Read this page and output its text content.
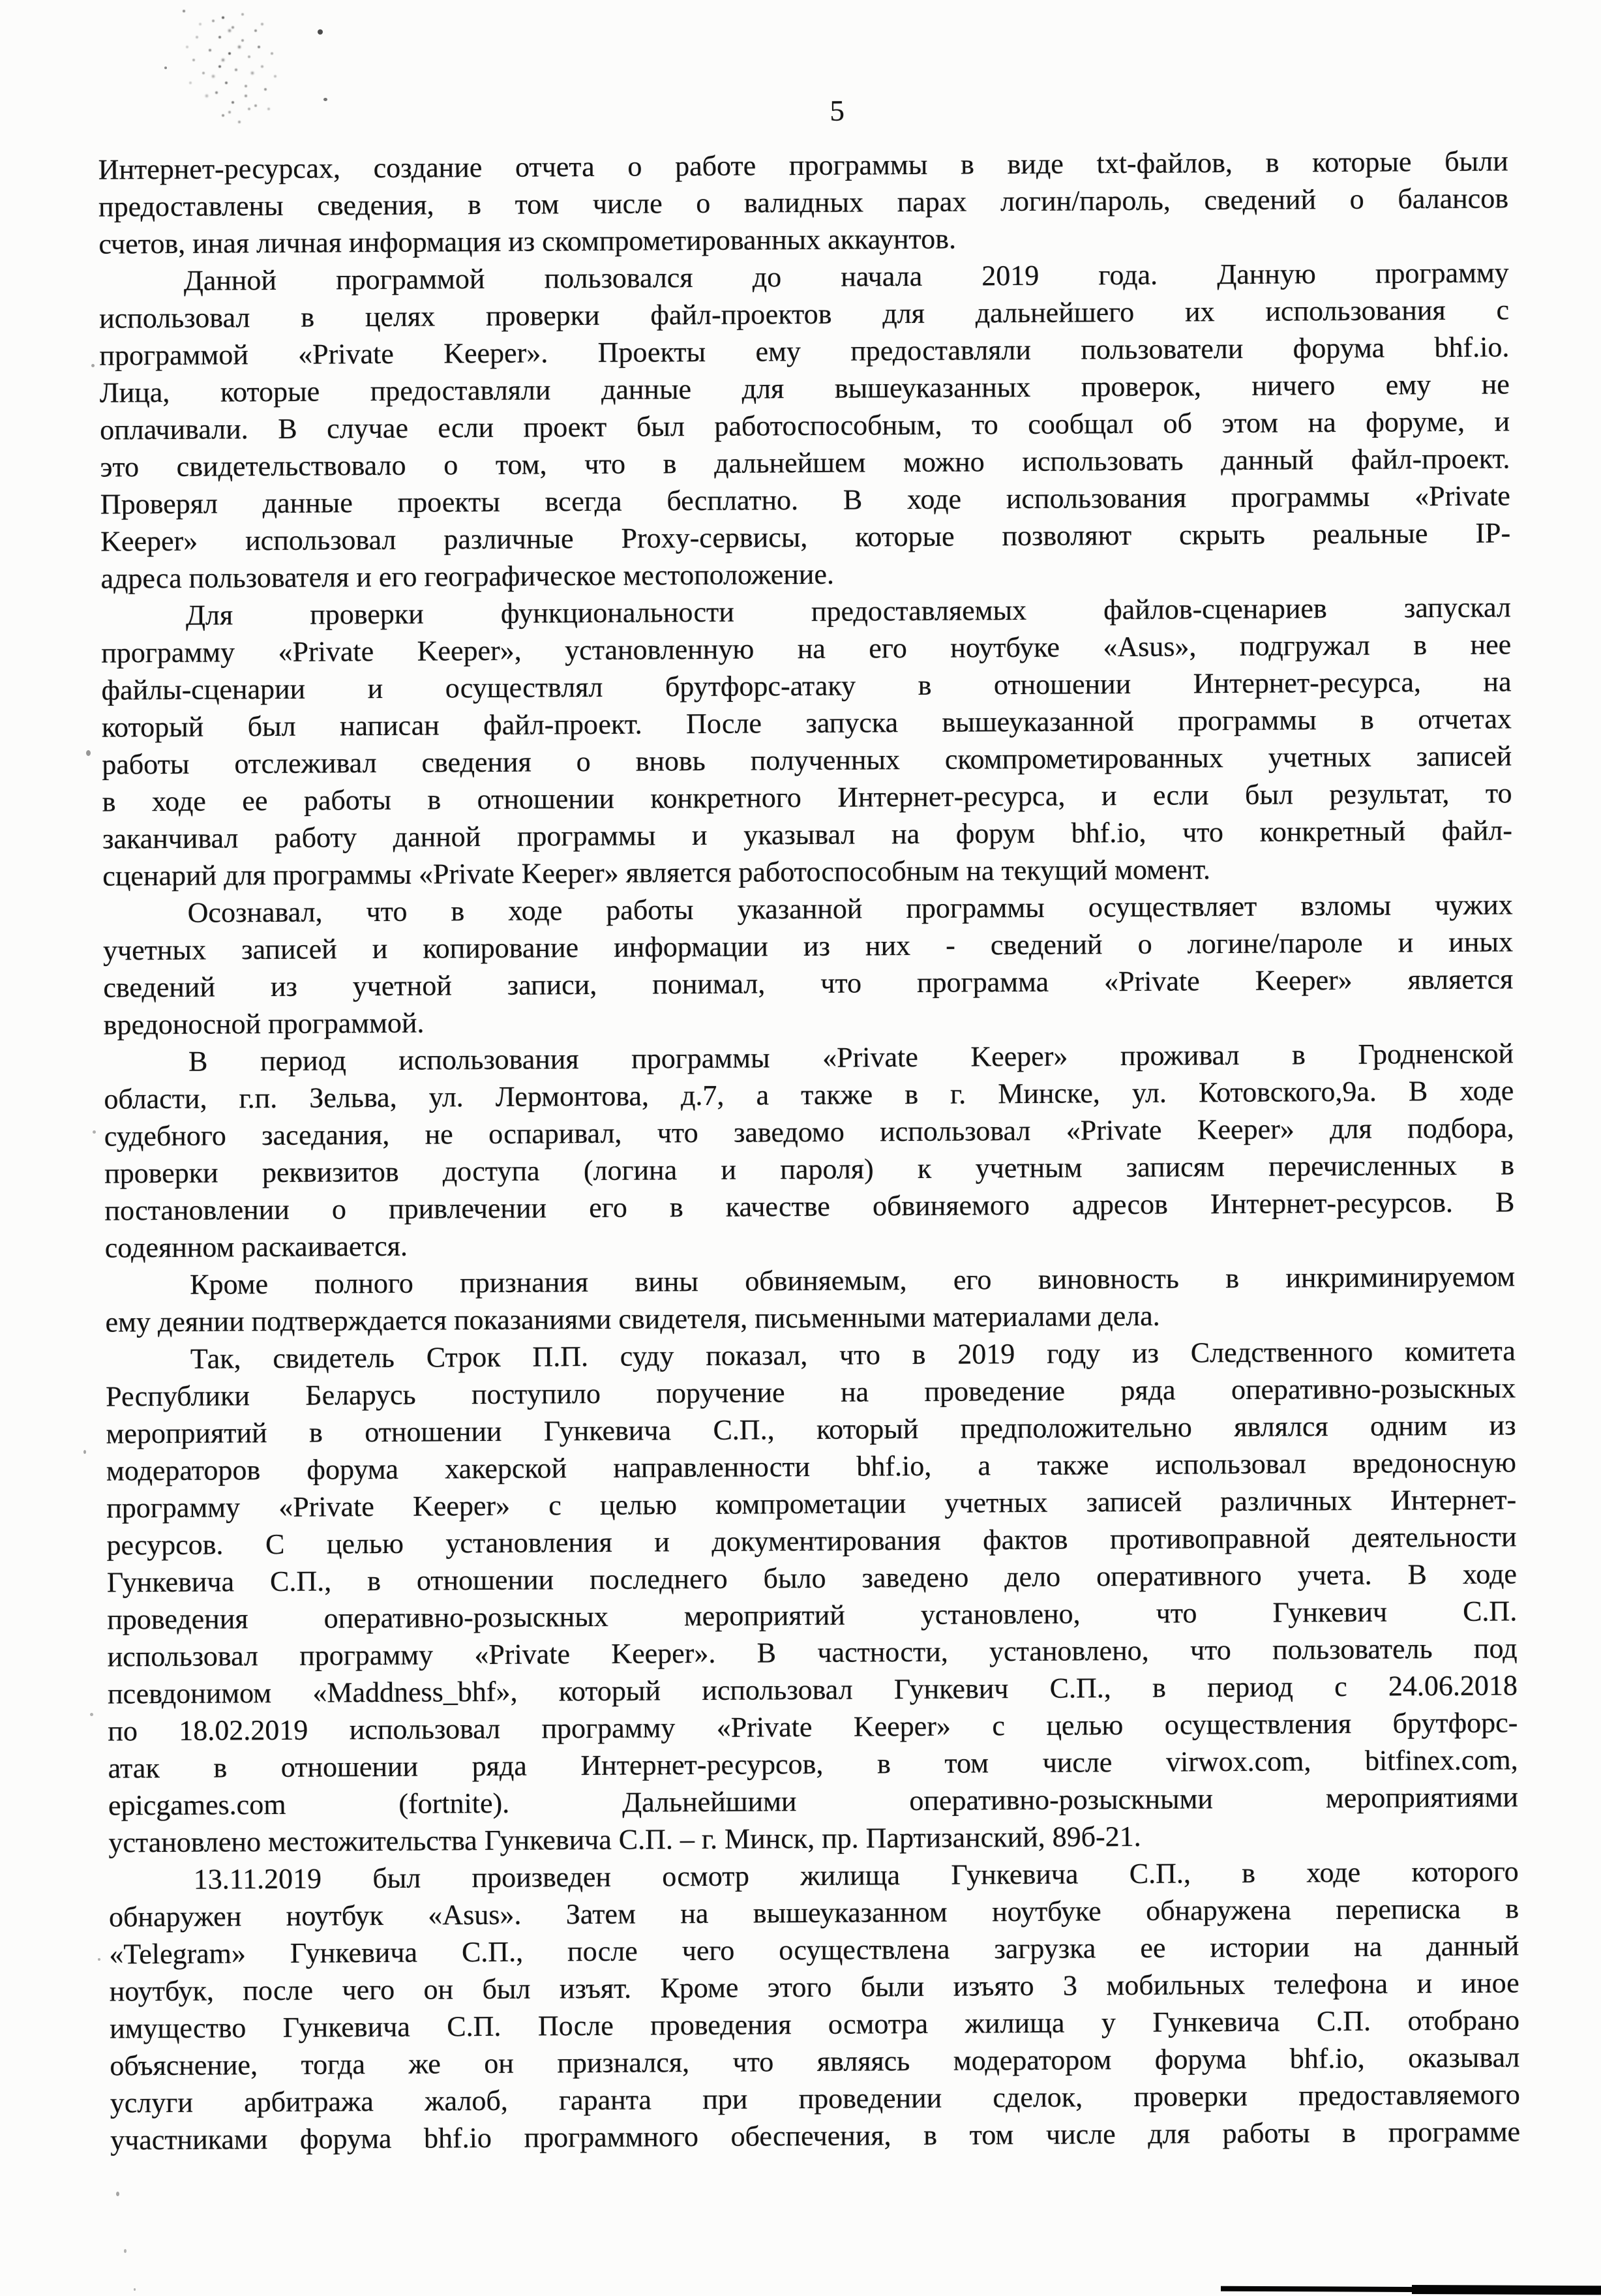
5
Интернет-ресурсах, создание отчета о работе программы в виде txt-файлов, в которые были
предоставлены сведения, в том числе о валидных парах логин/пароль, сведений о балансов
счетов, иная личная информация из скомпрометированных аккаунтов.
Данной программой пользовался до начала 2019 года. Данную программу
использовал в целях проверки файл-проектов для дальнейшего их использования с
программой «Private Keeper». Проекты ему предоставляли пользователи форума bhf.io.
Лица, которые предоставляли данные для вышеуказанных проверок, ничего ему не
оплачивали. В случае если проект был работоспособным, то сообщал об этом на форуме, и
это свидетельствовало о том, что в дальнейшем можно использовать данный файл-проект.
Проверял данные проекты всегда бесплатно. В ходе использования программы «Private
Keeper» использовал различные Proxy-сервисы, которые позволяют скрыть реальные IP-
адреса пользователя и его географическое местоположение.
Для проверки функциональности предоставляемых файлов-сценариев запускал
программу «Private Keeper», установленную на его ноутбуке «Asus», подгружал в нее
файлы-сценарии и осуществлял брутфорс-атаку в отношении Интернет-ресурса, на
который был написан файл-проект. После запуска вышеуказанной программы в отчетах
работы отслеживал сведения о вновь полученных скомпрометированных учетных записей
в ходе ее работы в отношении конкретного Интернет-ресурса, и если был результат, то
заканчивал работу данной программы и указывал на форум bhf.io, что конкретный файл-
сценарий для программы «Private Keeper» является работоспособным на текущий момент.
Осознавал, что в ходе работы указанной программы осуществляет взломы чужих
учетных записей и копирование информации из них - сведений о логине/пароле и иных
сведений из учетной записи, понимал, что программа «Private Keeper» является
вредоносной программой.
В период использования программы «Private Keeper» проживал в Гродненской
области, г.п. Зельва, ул. Лермонтова, д.7, а также в г. Минске, ул. Котовского,9а. В ходе
судебного заседания, не оспаривал, что заведомо использовал «Private Keeper» для подбора,
проверки реквизитов доступа (логина и пароля) к учетным записям перечисленных в
постановлении о привлечении его в качестве обвиняемого адресов Интернет-ресурсов. В
содеянном раскаивается.
Кроме полного признания вины обвиняемым, его виновность в инкриминируемом
ему деянии подтверждается показаниями свидетеля, письменными материалами дела.
Так, свидетель Строк П.П. суду показал, что в 2019 году из Следственного комитета
Республики Беларусь поступило поручение на проведение ряда оперативно-розыскных
мероприятий в отношении Гункевича С.П., который предположительно являлся одним из
модераторов форума хакерской направленности bhf.io, а также использовал вредоносную
программу «Private Keeper» с целью компрометации учетных записей различных Интернет-
ресурсов. С целью установления и документирования фактов противоправной деятельности
Гункевича С.П., в отношении последнего было заведено дело оперативного учета. В ходе
проведения оперативно-розыскных мероприятий установлено, что Гункевич С.П.
использовал программу «Private Keeper». В частности, установлено, что пользователь под
псевдонимом «Maddness_bhf», который использовал Гункевич С.П., в период с 24.06.2018
по 18.02.2019 использовал программу «Private Keeper» с целью осуществления брутфорс-
атак в отношении ряда Интернет-ресурсов, в том числе virwox.com, bitfinex.com,
epicgames.com (fortnite). Дальнейшими оперативно-розыскными мероприятиями
установлено местожительства Гункевича С.П. – г. Минск, пр. Партизанский, 89б-21.
13.11.2019 был произведен осмотр жилища Гункевича С.П., в ходе которого
обнаружен ноутбук «Asus». Затем на вышеуказанном ноутбуке обнаружена переписка в
«Telegram» Гункевича С.П., после чего осуществлена загрузка ее истории на данный
ноутбук, после чего он был изъят. Кроме этого были изъято 3 мобильных телефона и иное
имущество Гункевича С.П. После проведения осмотра жилища у Гункевича С.П. отобрано
объяснение, тогда же он признался, что являясь модератором форума bhf.io, оказывал
услуги арбитража жалоб, гаранта при проведении сделок, проверки предоставляемого
участниками форума bhf.io программного обеспечения, в том числе для работы в программе
